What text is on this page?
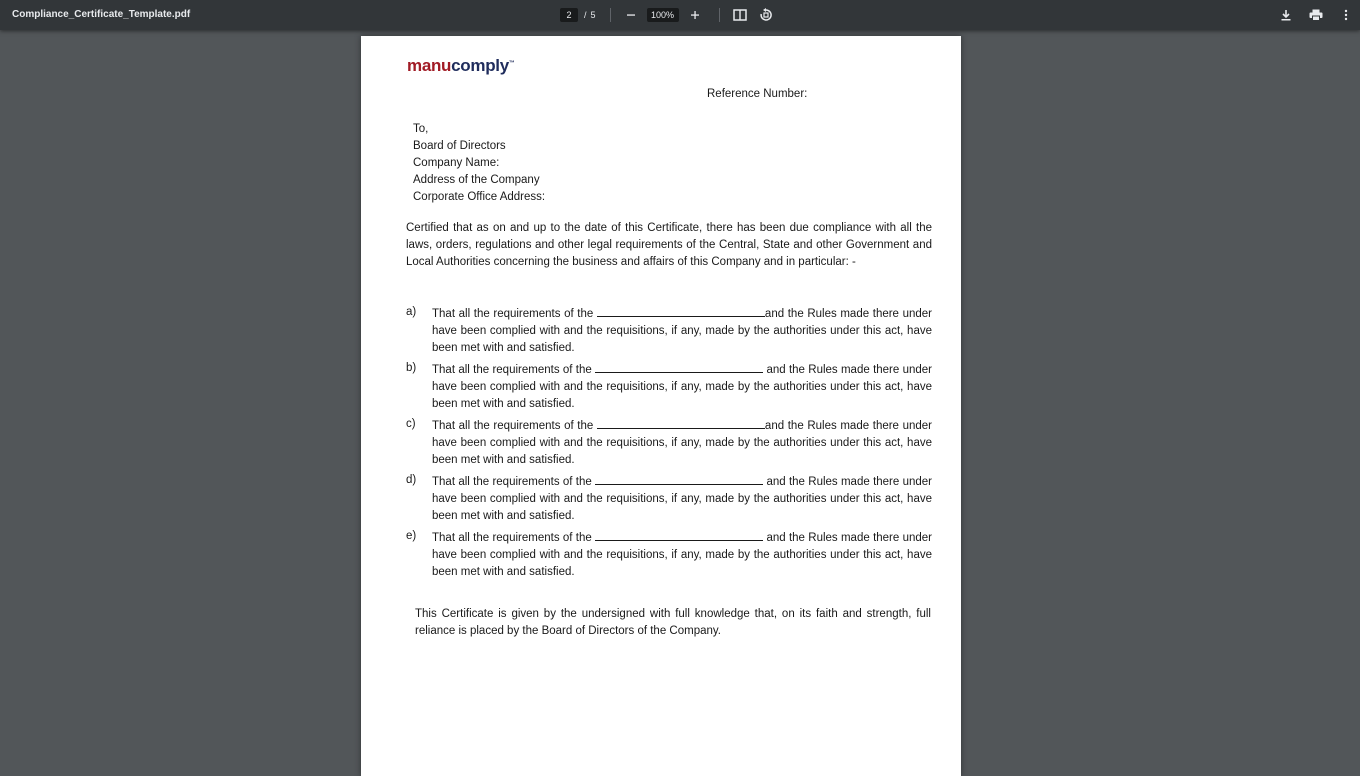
Compliance_Certificate_Template.pdf	2	/ 5	100%
manucomply™
Reference Number:
To,
Board of Directors
Company Name:
Address of the Company
Corporate Office Address:
Certified that as on and up to the date of this Certificate, there has been due compliance with all the laws, orders, regulations and other legal requirements of the Central, State and other Government and Local Authorities concerning the business and affairs of this Company and in particular: -
a) That all the requirements of the	and the Rules made there under have been complied with and the requisitions, if any, made by the authorities under this act, have been met with and satisfied.
b) That all the requirements of the	and the Rules made there under have been complied with and the requisitions, if any, made by the authorities under this act, have been met with and satisfied.
c) That all the requirements of the	and the Rules made there under have been complied with and the requisitions, if any, made by the authorities under this act, have been met with and satisfied.
d) That all the requirements of the	and the Rules made there under have been complied with and the requisitions, if any, made by the authorities under this act, have been met with and satisfied.
e) That all the requirements of the	and the Rules made there under have been complied with and the requisitions, if any, made by the authorities under this act, have been met with and satisfied.
This Certificate is given by the undersigned with full knowledge that, on its faith and strength, full reliance is placed by the Board of Directors of the Company.
